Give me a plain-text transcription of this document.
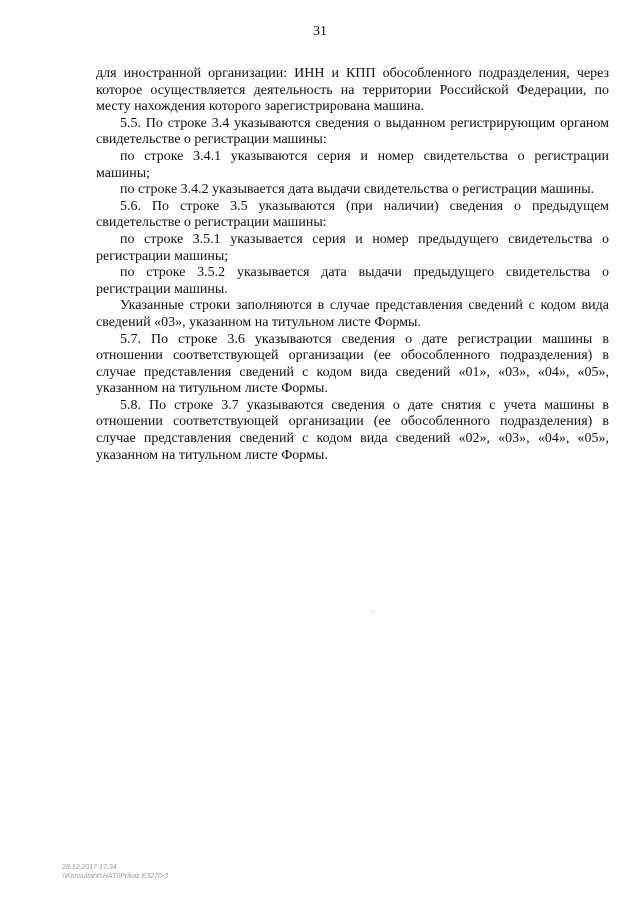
31

для иностранной организации: ИНН и КПП обособленного подразделения, через которое осуществляется деятельность на территории Российской Федерации, по месту нахождения которого зарегистрирована машина.

5.5. По строке 3.4 указываются сведения о выданном регистрирующим органом свидетельстве о регистрации машины:

по строке 3.4.1 указываются серия и номер свидетельства о регистрации машины;

по строке 3.4.2 указывается дата выдачи свидетельства о регистрации машины.

5.6. По строке 3.5 указываются (при наличии) сведения о предыдущем свидетельстве о регистрации машины:

по строке 3.5.1 указывается серия и номер предыдущего свидетельства о регистрации машины;

по строке 3.5.2 указывается дата выдачи предыдущего свидетельства о регистрации машины.

Указанные строки заполняются в случае представления сведений с кодом вида сведений «03», указанном на титульном листе Формы.

5.7. По строке 3.6 указываются сведения о дате регистрации машины в отношении соответствующей организации (ее обособленного подразделения) в случае представления сведений с кодом вида сведений «01», «03», «04», «05», указанном на титульном листе Формы.

5.8. По строке 3.7 указываются сведения о дате снятия с учета машины в отношении соответствующей организации (ее обособленного подразделения) в случае представления сведений с кодом вида сведений «02», «03», «04», «05», указанном на титульном листе Формы.

28.12.2017 17:34
\\Konsultant\\HAT\\Prikaz E3270-3
